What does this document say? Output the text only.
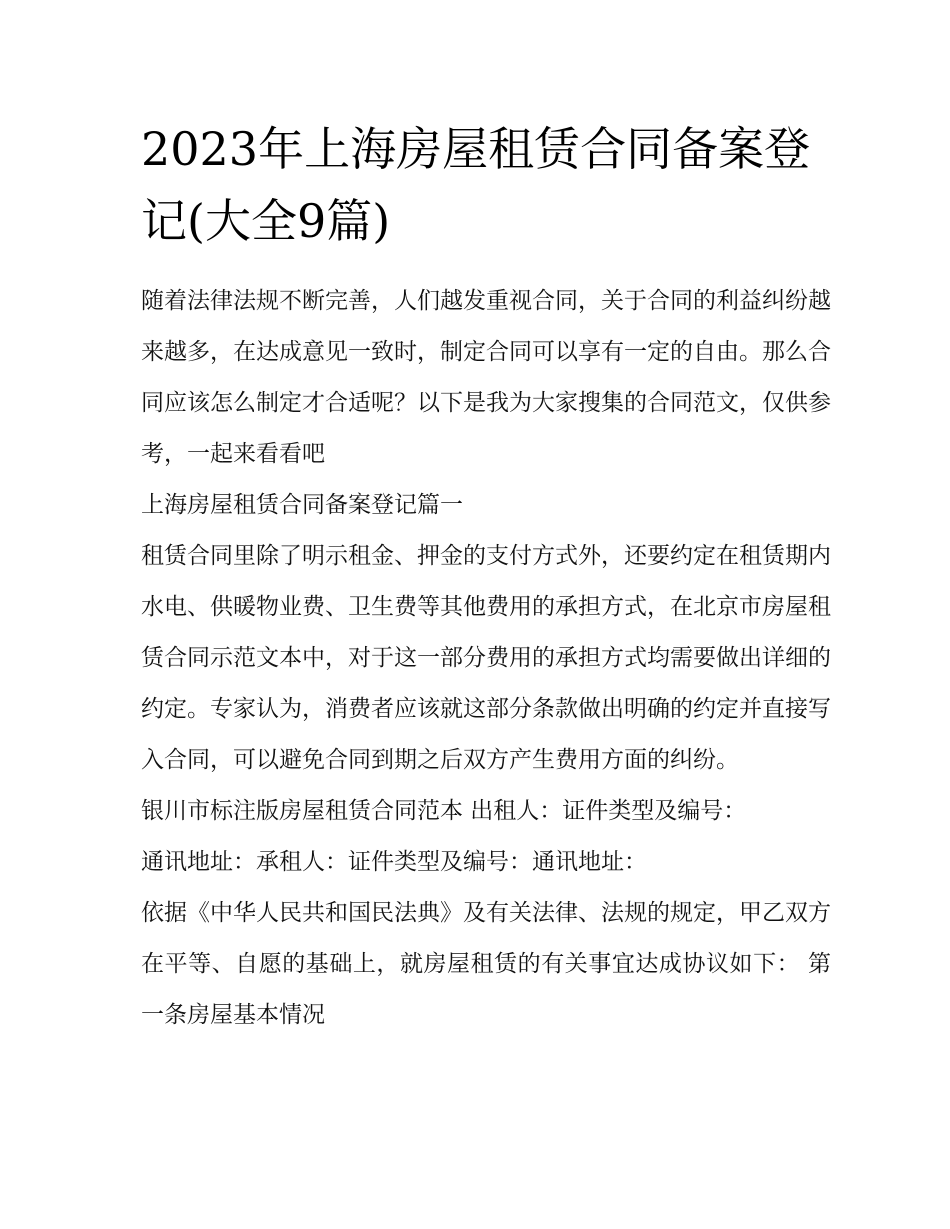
2023年上海房屋租赁合同备案登记(大全9篇)

随着法律法规不断完善，人们越发重视合同，关于合同的利益纠纷越来越多，在达成意见一致时，制定合同可以享有一定的自由。那么合同应该怎么制定才合适呢？以下是我为大家搜集的合同范文，仅供参考，一起来看看吧

上海房屋租赁合同备案登记篇一

租赁合同里除了明示租金、押金的支付方式外，还要约定在租赁期内水电、供暖物业费、卫生费等其他费用的承担方式，在北京市房屋租赁合同示范文本中，对于这一部分费用的承担方式均需要做出详细的约定。专家认为，消费者应该就这部分条款做出明确的约定并直接写入合同，可以避免合同到期之后双方产生费用方面的纠纷。

银川市标注版房屋租赁合同范本 出租人：证件类型及编号：

通讯地址：承租人：证件类型及编号：通讯地址：

依据《中华人民共和国民法典》及有关法律、法规的规定，甲乙双方在平等、自愿的基础上，就房屋租赁的有关事宜达成协议如下： 第一条房屋基本情况
